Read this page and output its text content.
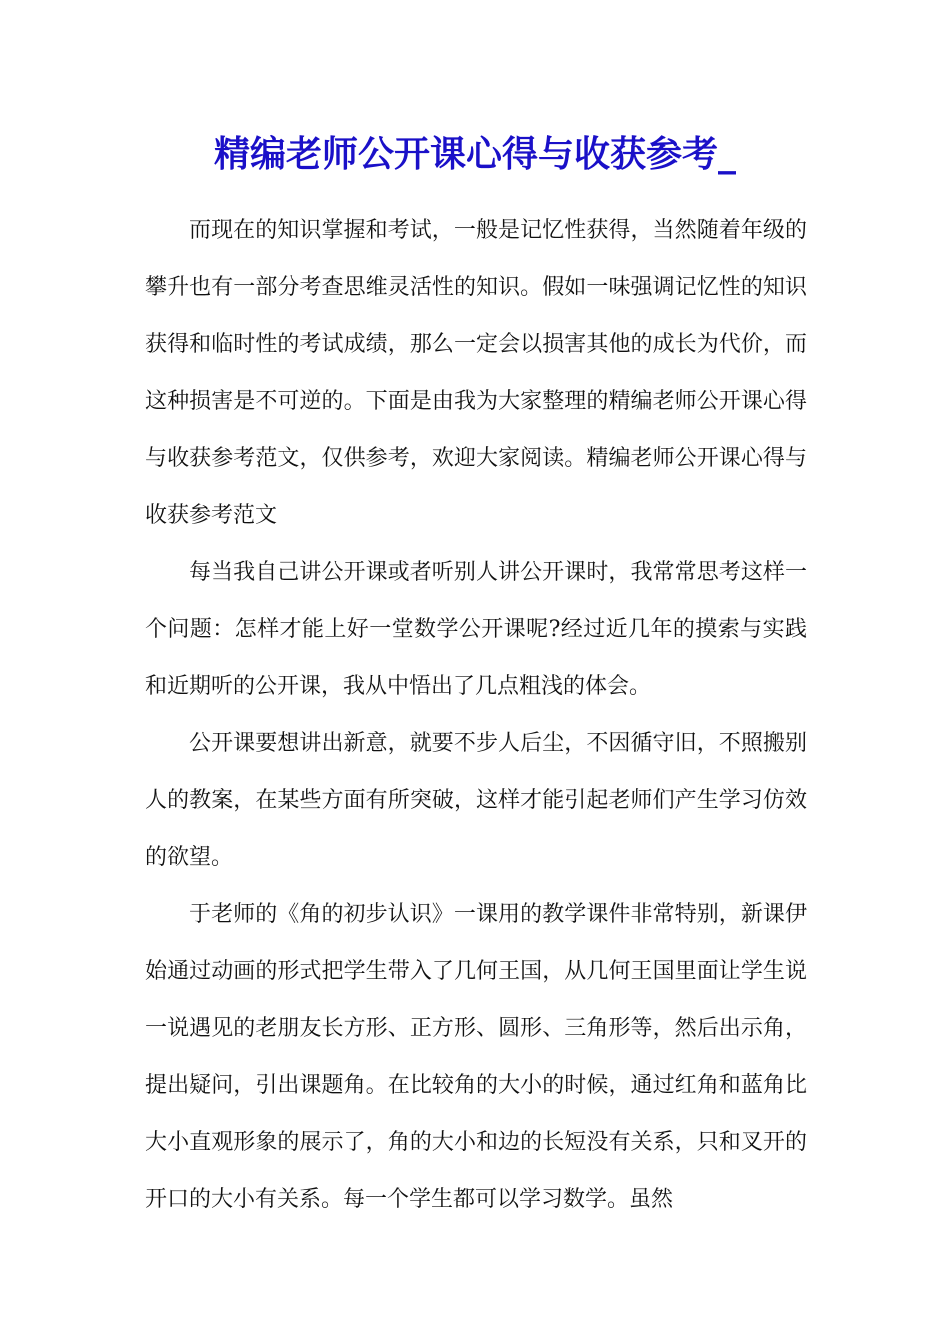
精编老师公开课心得与收获参考_

而现在的知识掌握和考试，一般是记忆性获得，当然随着年级的攀升也有一部分考查思维灵活性的知识。假如一味强调记忆性的知识获得和临时性的考试成绩，那么一定会以损害其他的成长为代价，而这种损害是不可逆的。下面是由我为大家整理的精编老师公开课心得与收获参考范文，仅供参考，欢迎大家阅读。精编老师公开课心得与收获参考范文

每当我自己讲公开课或者听别人讲公开课时，我常常思考这样一个问题：怎样才能上好一堂数学公开课呢?经过近几年的摸索与实践和近期听的公开课，我从中悟出了几点粗浅的体会。

公开课要想讲出新意，就要不步人后尘，不因循守旧，不照搬别人的教案，在某些方面有所突破，这样才能引起老师们产生学习仿效的欲望。

于老师的《角的初步认识》一课用的教学课件非常特别，新课伊始通过动画的形式把学生带入了几何王国，从几何王国里面让学生说一说遇见的老朋友长方形、正方形、圆形、三角形等，然后出示角，提出疑问，引出课题角。在比较角的大小的时候，通过红角和蓝角比大小直观形象的展示了，角的大小和边的长短没有关系，只和叉开的开口的大小有关系。每一个学生都可以学习数学。虽然
